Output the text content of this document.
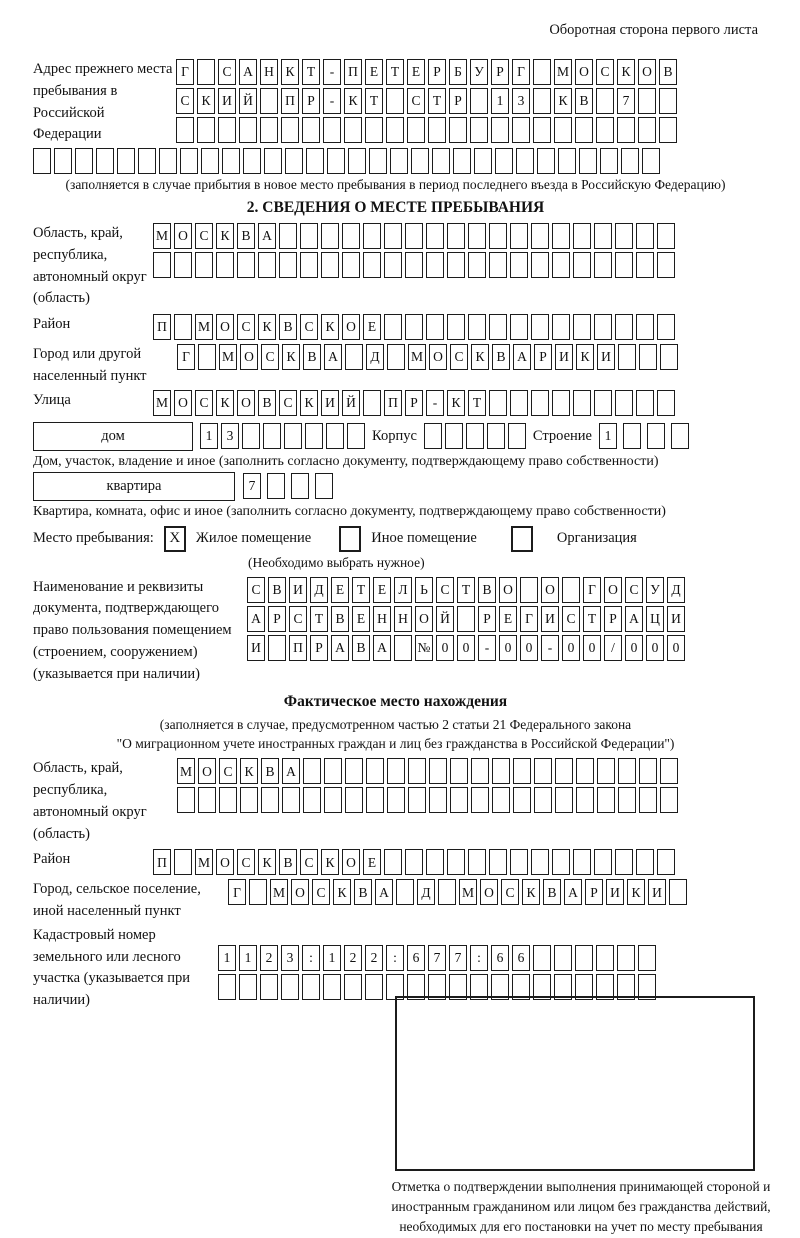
Оборотная сторона первого листа
Адрес прежнего места пребывания в Российской Федерации
Г	С А Н К Т	-	П Е Т Е Р Б У Р Г	М О С К О В
С К И Й	П Р	-	К Т	С Т Р	1	3	К В	7
(заполняется в случае прибытия в новое место пребывания в период последнего въезда в Российскую Федерацию)
2. СВЕДЕНИЯ О МЕСТЕ ПРЕБЫВАНИЯ
Область, край, республика, автономный округ (область)
М О С К В А
Район	П	М О С К В С К О Е
Город или другой населенный пункт
Г	М О С К В А	Д	М О С К В А Р И К И
Улица	М О С К О В С К И Й	П Р	-	К Т
дом	1	3	Корпус	Строение 1
Дом, участок, владение и иное (заполнить согласно документу, подтверждающему право собственности)
квартира	7
Квартира, комната, офис и иное (заполнить согласно документу, подтверждающему право собственности)
Место пребывания:	X	Жилое помещение	Иное помещение	Организация
(Необходимо выбрать нужное)
Наименование и реквизиты документа, подтверждающего право пользования помещением (строением, сооружением) (указывается при наличии)
С В И Д Е Т Е Л Ь С Т В О	О	Г О С У Д
А Р С Т В Е Н Н О Й	Р Е Г И С Т Р А Ц И
И	П Р А В А	№ 0	0	-	0	0	-	0	0	/	0	0	0
Фактическое место нахождения
(заполняется в случае, предусмотренном частью 2 статьи 21 Федерального закона
"О миграционном учете иностранных граждан и лиц без гражданства в Российской Федерации")
Область, край, республика, автономный округ (область)
М О С К В А
Район	П	М О С К В С К О Е
Город, сельское поселение, иной населенный пункт
Г	М О С К В А	Д	М О С К В А Р И К И
Кадастровый номер земельного или лесного участка (указывается при наличии)
1	1	2	3	:	1	2	2	:	6	7	7	:	6	6
Отметка о подтверждении выполнения принимающей стороной и иностранным гражданином или лицом без гражданства действий, необходимых для его постановки на учет по месту пребывания
